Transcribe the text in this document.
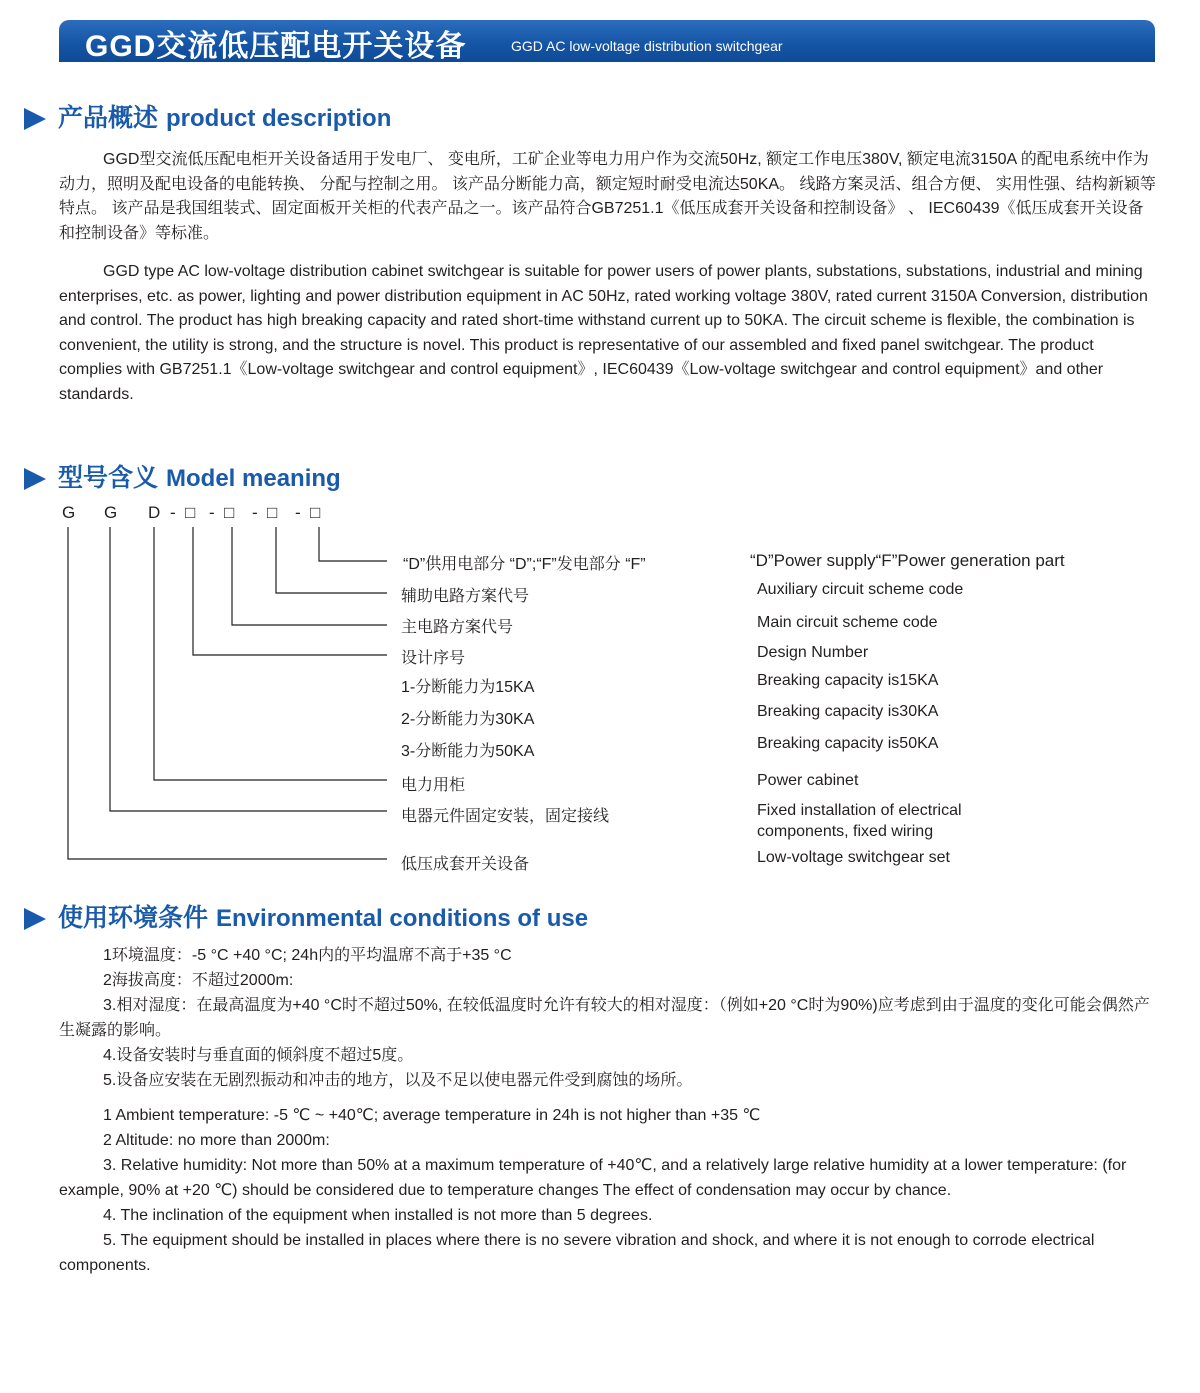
GGD交流低压配电开关设备	GGD AC low-voltage distribution switchgear
产品概述 product description

GGD型交流低压配电柜开关设备适用于发电厂、 变电所，工矿企业等电力用户作为交流50Hz, 额定工作电压380V, 额定电流3150A 的配电系统中作为动力，照明及配电设备的电能转换、 分配与控制之用。 该产品分断能力高，额定短时耐受电流达50KA。 线路方案灵活、组合方便、 实用性强、结构新颖等特点。 该产品是我国组装式、固定面板开关柜的代表产品之一。该产品符合GB7251.1《低压成套开关设备和控制设备》 、 IEC60439《低压成套开关设备和控制设备》等标准。

GGD type AC low-voltage distribution cabinet switchgear is suitable for power users of power plants, substations, substations, industrial and mining enterprises, etc. as power, lighting and power distribution equipment in AC 50Hz, rated working voltage 380V, rated current 3150A Conversion, distribution and control. The product has high breaking capacity and rated short-time withstand current up to 50KA. The circuit scheme is flexible, the combination is convenient, the utility is strong, and the structure is novel. This product is representative of our assembled and fixed panel switchgear. The product complies with GB7251.1《Low-voltage switchgear and control equipment》, IEC60439《Low-voltage switchgear and control equipment》and other standards.

型号含义 Model meaning
G G D - □ - □ - □ - □
“D”供用电部分 “D”;“F”发电部分 “F”	“D”Power supply“F”Power generation part
辅助电路方案代号	Auxiliary circuit scheme code
主电路方案代号	Main circuit scheme code
设计序号	Design Number
1-分断能力为15KA	Breaking capacity is15KA
2-分断能力为30KA	Breaking capacity is30KA
3-分断能力为50KA	Breaking capacity is50KA
电力用柜	Power cabinet
电器元件固定安装，固定接线	Fixed installation of electrical
components, fixed wiring
低压成套开关设备	Low-voltage switchgear set
使用环境条件 Environmental conditions of use
1环境温度：-5 °C +40 °C; 24h内的平均温席不高于+35 °C
2海拔高度：不超过2000m:
3.相对湿度：在最高温度为+40 °C时不超过50%, 在较低温度时允许有较大的相对湿度：（例如+20 °C时为90%)应考虑到由于温度的变化可能会偶然产生凝露的影响。
4.设备安装时与垂直面的倾斜度不超过5度。
5.设备应安装在无剧烈振动和冲击的地方，以及不足以使电器元件受到腐蚀的场所。
1 Ambient temperature: -5 ℃ ~ +40℃; average temperature in 24h is not higher than +35 ℃
2 Altitude: no more than 2000m:
3. Relative humidity: Not more than 50% at a maximum temperature of +40℃, and a relatively large relative humidity at a lower temperature: (for example, 90% at +20 ℃) should be considered due to temperature changes The effect of condensation may occur by chance.
4. The inclination of the equipment when installed is not more than 5 degrees.
5. The equipment should be installed in places where there is no severe vibration and shock, and where it is not enough to corrode electrical components.
